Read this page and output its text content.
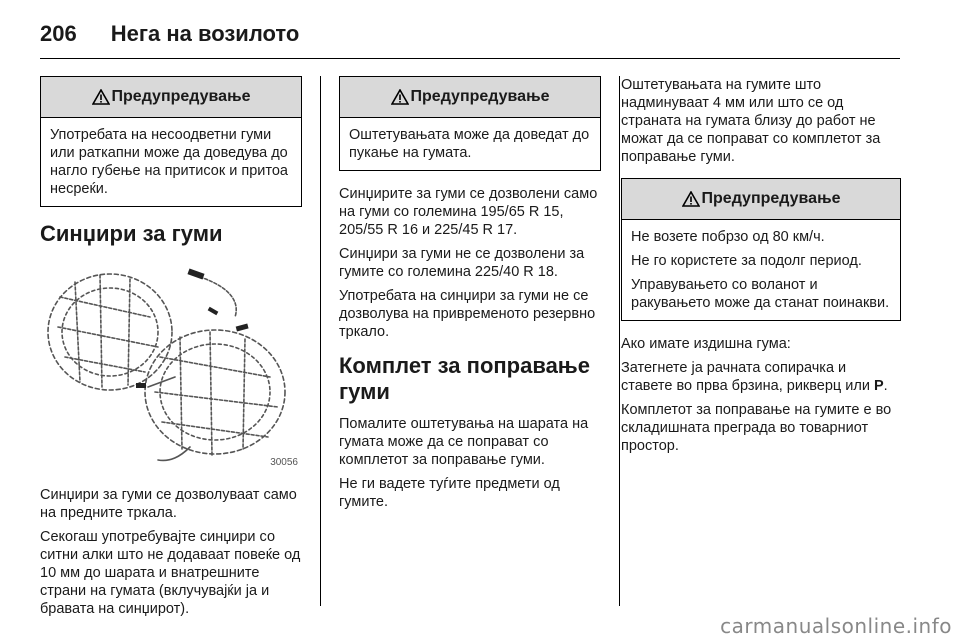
206 Нега на возилото
Предупредување

Употребата на несоодветни гуми или раткапни може да доведува до нагло губење на притисок и притоа несреќи.

Синџири за гуми
30056

Синџири за гуми се дозволуваат само на предните тркала.

Секогаш употребувајте синџири со ситни алки што не додаваат повеќе од 10 мм до шарата и внатрешните страни на гумата (вклучувајќи ја и бравата на синџирот).

Предупредување

Оштетувањата може да доведат до пукање на гумата.

Синџирите за гуми се дозволени само на гуми со големина 195/65 R 15, 205/55 R 16 и 225/45 R 17.

Синџири за гуми не се дозволени за гумите со големина 225/40 R 18.

Употребата на синџири за гуми не се дозволува на привременото резервно тркало.

Комплет за поправање гуми

Помалите оштетувања на шарата на гумата може да се поправат со комплетот за поправање гуми.

Не ги вадете туѓите предмети од гумите.

Оштетувањата на гумите што надминуваат 4 мм или што се од страната на гумата близу до работ не можат да се поправат со комплетот за поправање гуми.

Предупредување

Не возете побрзо од 80 км/ч.

Не го користете за подолг период.

Управувањето со воланот и ракувањето може да станат поинакви.

Ако имате издишна гума:

Затегнете ја рачната сопирачка и ставете во прва брзина, рикверц или P.

Комплетот за поправање на гумите е во складишната преграда во товарниот простор.

carmanualsonline.info
